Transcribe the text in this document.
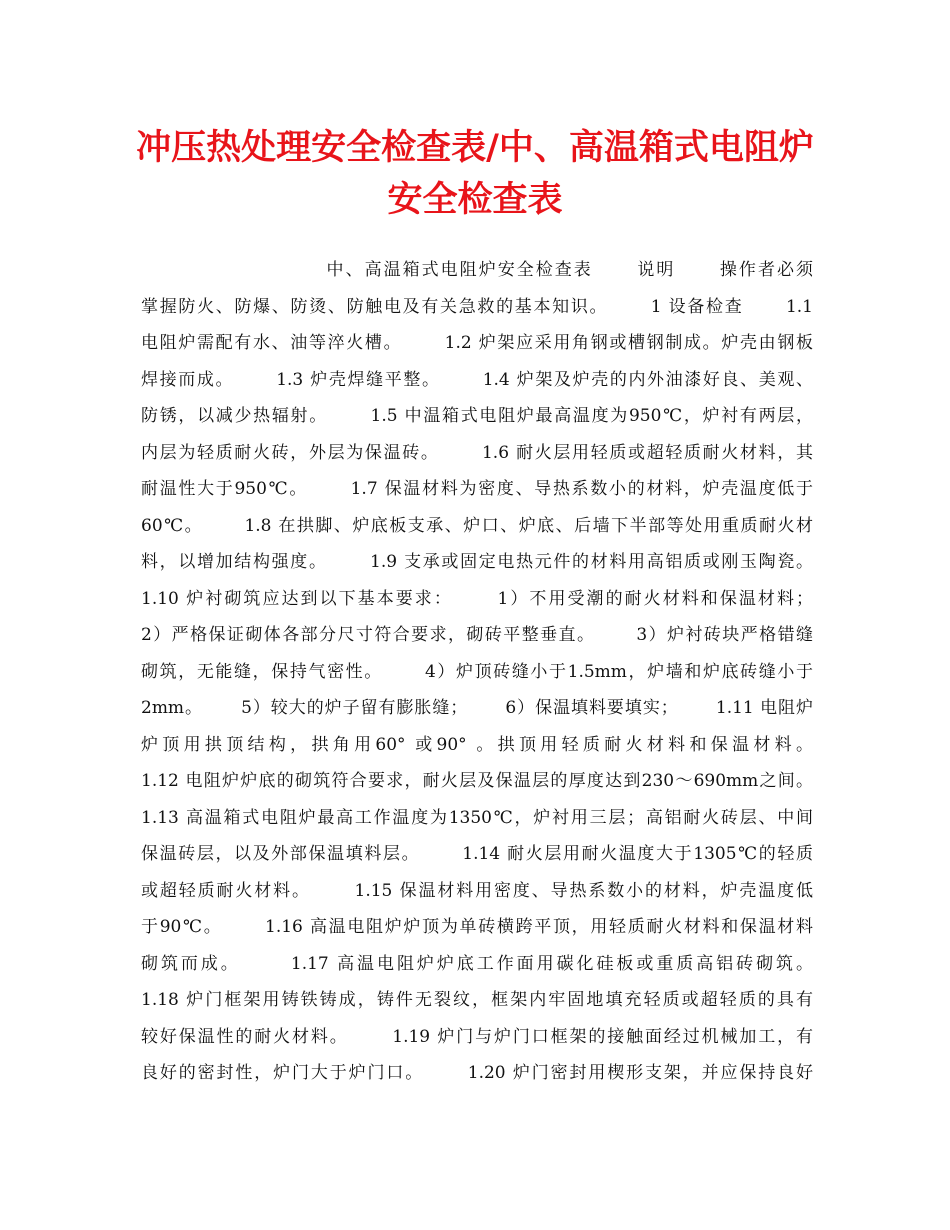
冲压热处理安全检查表/中、高温箱式电阻炉
安全检查表
中、高温箱式电阻炉安全检查表      说明      操作者必须
掌握防火、防爆、防烫、防触电及有关急救的基本知识。      1 设备检查      1.1
电阻炉需配有水、油等淬火槽。      1.2 炉架应采用角钢或槽钢制成。炉壳由钢板
焊接而成。      1.3 炉壳焊缝平整。      1.4 炉架及炉壳的内外油漆好良、美观、
防锈，以减少热辐射。      1.5 中温箱式电阻炉最高温度为950℃，炉衬有两层，
内层为轻质耐火砖，外层为保温砖。      1.6 耐火层用轻质或超轻质耐火材料，其
耐温性大于950℃。      1.7 保温材料为密度、导热系数小的材料，炉壳温度低于
60℃。      1.8 在拱脚、炉底板支承、炉口、炉底、后墙下半部等处用重质耐火材
料，以增加结构强度。      1.9 支承或固定电热元件的材料用高铝质或刚玉陶瓷。
1.10 炉衬砌筑应达到以下基本要求：      1）不用受潮的耐火材料和保温材料；
2）严格保证砌体各部分尺寸符合要求，砌砖平整垂直。      3）炉衬砖块严格错缝
砌筑，无能缝，保持气密性。      4）炉顶砖缝小于1.5mm，炉墙和炉底砖缝小于
2mm。      5）较大的炉子留有膨胀缝；      6）保温填料要填实；      1.11 电阻炉
炉顶用拱顶结构，拱角用60° 或90° 。拱顶用轻质耐火材料和保温材料。
1.12 电阻炉炉底的砌筑符合要求，耐火层及保温层的厚度达到230～690mm之间。
1.13 高温箱式电阻炉最高工作温度为1350℃，炉衬用三层；高铝耐火砖层、中间
保温砖层，以及外部保温填料层。      1.14 耐火层用耐火温度大于1305℃的轻质
或超轻质耐火材料。      1.15 保温材料用密度、导热系数小的材料，炉壳温度低
于90℃。      1.16 高温电阻炉炉顶为单砖横跨平顶，用轻质耐火材料和保温材料
砌筑而成。      1.17 高温电阻炉炉底工作面用碳化硅板或重质高铝砖砌筑。
1.18 炉门框架用铸铁铸成，铸件无裂纹，框架内牢固地填充轻质或超轻质的具有
较好保温性的耐火材料。      1.19 炉门与炉门口框架的接触面经过机械加工，有
良好的密封性，炉门大于炉门口。      1.20 炉门密封用楔形支架，并应保持良好
